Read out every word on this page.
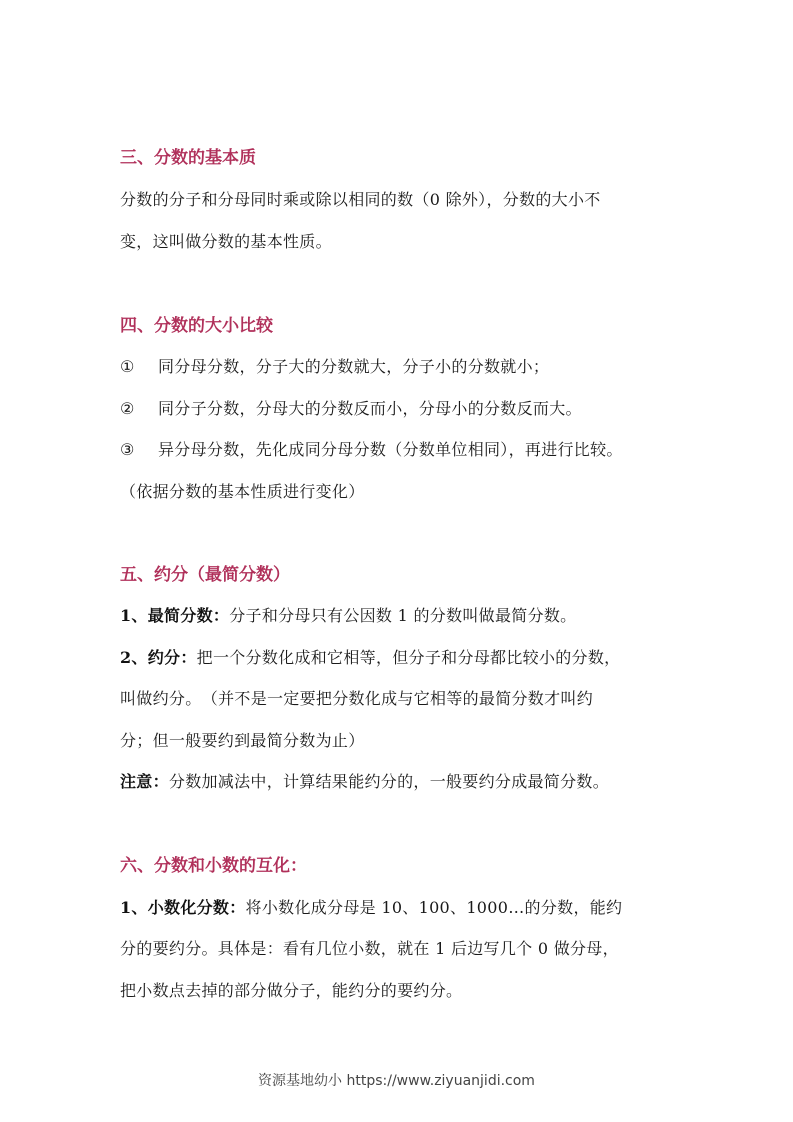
三、分数的基本质
分数的分子和分母同时乘或除以相同的数（0 除外），分数的大小不
变，这叫做分数的基本性质。
四、分数的大小比较
① 同分母分数，分子大的分数就大，分子小的分数就小；
② 同分子分数，分母大的分数反而小，分母小的分数反而大。
③ 异分母分数，先化成同分母分数（分数单位相同），再进行比较。
（依据分数的基本性质进行变化）
五、约分（最简分数）
1、最简分数：分子和分母只有公因数 1 的分数叫做最简分数。
2、约分：把一个分数化成和它相等，但分子和分母都比较小的分数，
叫做约分。　（并不是一定要把分数化成与它相等的最简分数才叫约
分；但一般要约到最简分数为止）
注意：分数加减法中，计算结果能约分的，一般要约分成最简分数。
六、分数和小数的互化：
1、小数化分数：将小数化成分母是 10、100、1000…的分数，能约
分的要约分。具体是：看有几位小数，就在 1 后边写几个 0 做分母，
把小数点去掉的部分做分子，能约分的要约分。
资源基地幼小 https://www.ziyuanjidi.com
